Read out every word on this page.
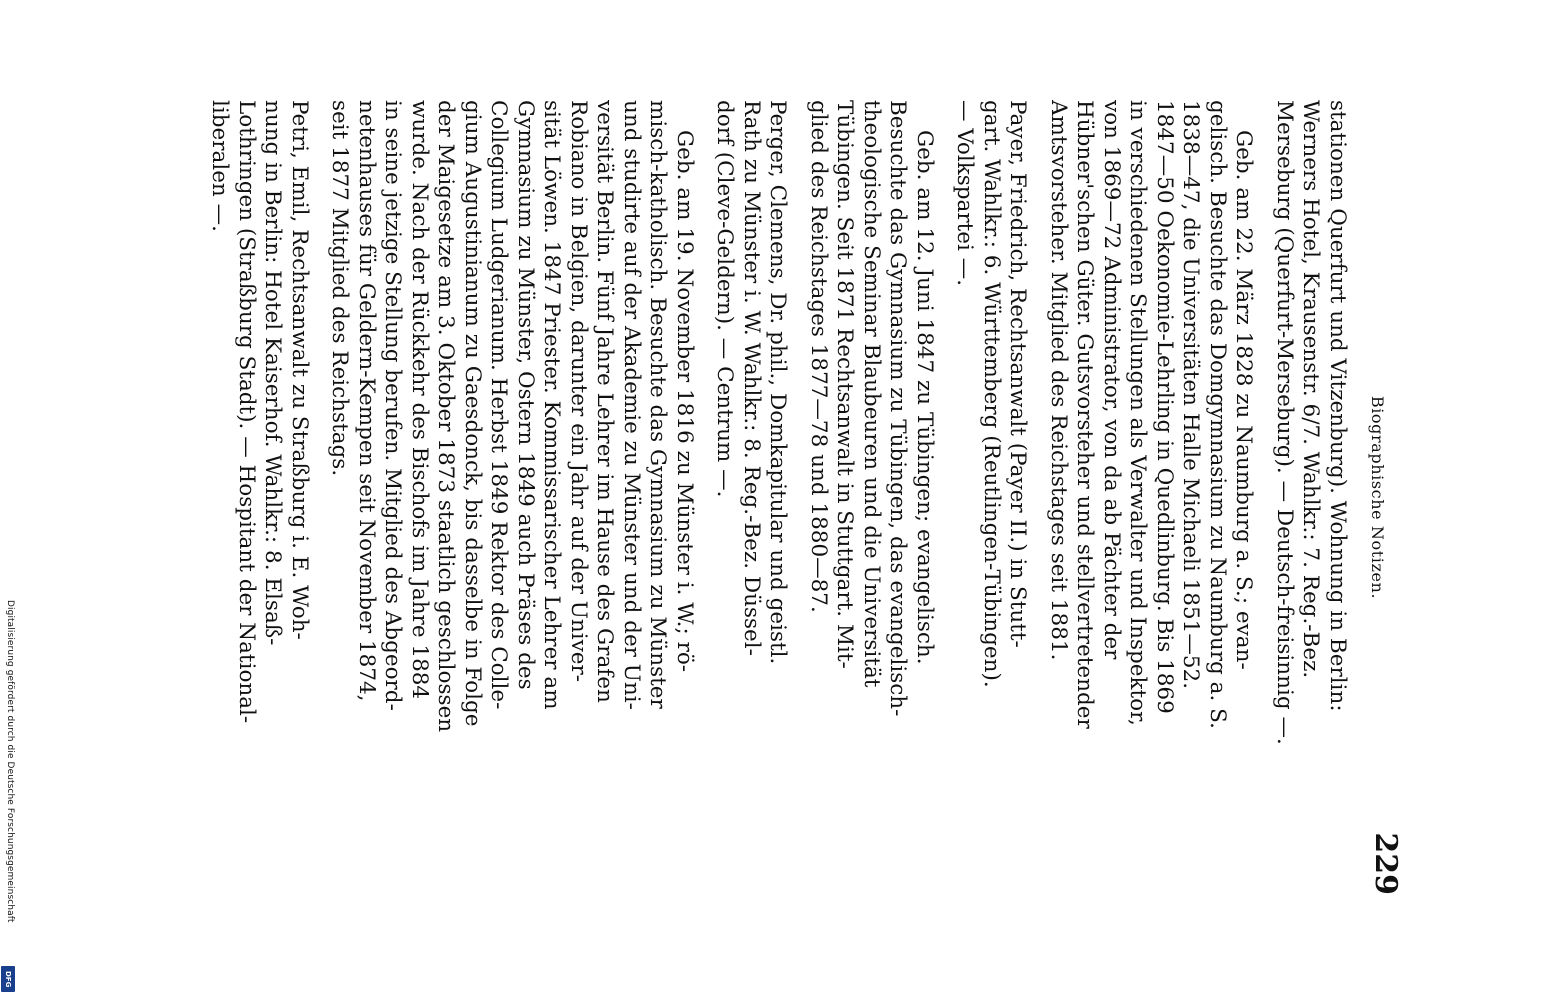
Digitalisierung gefördert durch die Deutsche Forschungsgemeinschaft
DFG
Biographische Notizen.
229
stationen Querfurt und Vitzenburg). Wohnung in Berlin:
Werners Hotel, Krausenstr. 6/7. Wahlkr.: 7. Reg.-Bez.
Merseburg (Querfurt-Merseburg). — Deutsch-freisinnig —.
Geb. am 22. März 1828 zu Naumburg a. S.; evan-
gelisch. Besuchte das Domgymnasium zu Naumburg a. S.
1838—47, die Universitäten Halle Michaeli 1851—52.
1847—50 Oekonomie-Lehrling in Quedlinburg. Bis 1869
in verschiedenen Stellungen als Verwalter und Inspektor,
von 1869—72 Administrator, von da ab Pächter der
Hübner'schen Güter. Gutsvorsteher und stellvertretender
Amtsvorsteher. Mitglied des Reichstages seit 1881.
Payer, Friedrich, Rechtsanwalt (Payer II.) in Stutt-
gart. Wahlkr.: 6. Württemberg (Reutlingen-Tübingen).
— Volkspartei —.
Geb. am 12. Juni 1847 zu Tübingen; evangelisch.
Besuchte das Gymnasium zu Tübingen, das evangelisch-
theologische Seminar Blaubeuren und die Universität
Tübingen. Seit 1871 Rechtsanwalt in Stuttgart. Mit-
glied des Reichstages 1877—78 und 1880—87.
Perger, Clemens, Dr. phil., Domkapitular und geistl.
Rath zu Münster i. W. Wahlkr.: 8. Reg.-Bez. Düssel-
dorf (Cleve-Geldern). — Centrum —.
Geb. am 19. November 1816 zu Münster i. W.; rö-
misch-katholisch. Besuchte das Gymnasium zu Münster
und studirte auf der Akademie zu Münster und der Uni-
versität Berlin. Fünf Jahre Lehrer im Hause des Grafen
Robiano in Belgien, darunter ein Jahr auf der Univer-
sität Löwen. 1847 Priester. Kommissarischer Lehrer am
Gymnasium zu Münster, Ostern 1849 auch Präses des
Collegium Ludgerianum. Herbst 1849 Rektor des Colle-
gium Augustinianum zu Gaesdonck, bis dasselbe in Folge
der Maigesetze am 3. Oktober 1873 staatlich geschlossen
wurde. Nach der Rückkehr des Bischofs im Jahre 1884
in seine jetzige Stellung berufen. Mitglied des Abgeord-
netenhauses für Geldern-Kempen seit November 1874,
seit 1877 Mitglied des Reichstags.
Petri, Emil, Rechtsanwalt zu Straßburg i. E. Woh-
nung in Berlin: Hotel Kaiserhof. Wahlkr.: 8. Elsaß-
Lothringen (Straßburg Stadt). — Hospitant der National-
liberalen —.
